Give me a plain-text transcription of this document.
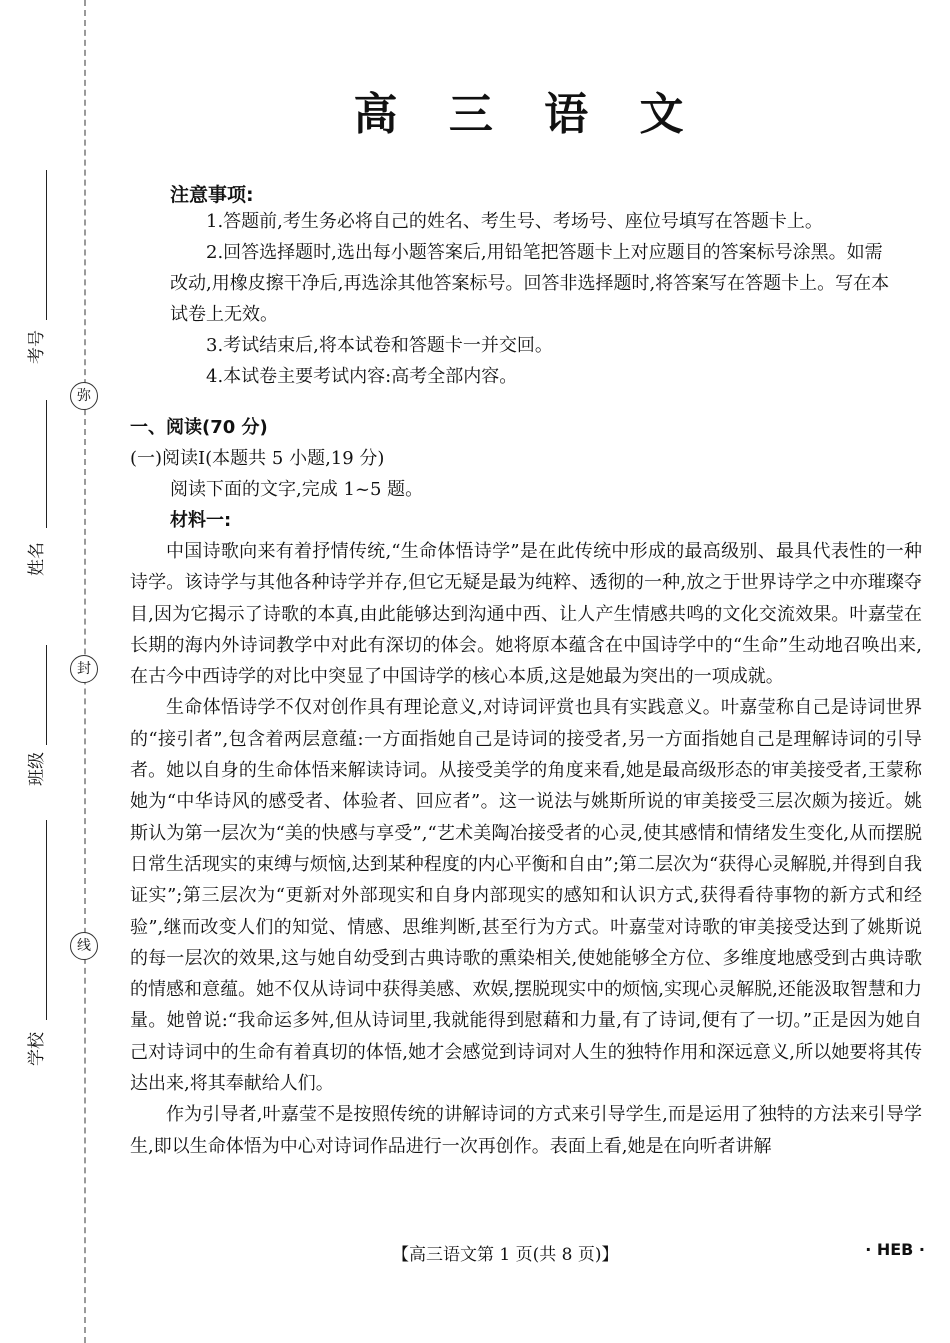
考号
姓名
班级
学校
弥
封
线
高 三 语 文
注意事项:

1.答题前,考生务必将自己的姓名、考生号、考场号、座位号填写在答题卡上。

2.回答选择题时,选出每小题答案后,用铅笔把答题卡上对应题目的答案标号涂黑。如需改动,用橡皮擦干净后,再选涂其他答案标号。回答非选择题时,将答案写在答题卡上。写在本试卷上无效。

3.考试结束后,将本试卷和答题卡一并交回。

4.本试卷主要考试内容:高考全部内容。

一、阅读(70 分)
(一)阅读Ⅰ(本题共 5 小题,19 分)
阅读下面的文字,完成 1~5 题。
材料一:

中国诗歌向来有着抒情传统,“生命体悟诗学”是在此传统中形成的最高级别、最具代表性的一种诗学。该诗学与其他各种诗学并存,但它无疑是最为纯粹、透彻的一种,放之于世界诗学之中亦璀璨夺目,因为它揭示了诗歌的本真,由此能够达到沟通中西、让人产生情感共鸣的文化交流效果。叶嘉莹在长期的海内外诗词教学中对此有深切的体会。她将原本蕴含在中国诗学中的“生命”生动地召唤出来,在古今中西诗学的对比中突显了中国诗学的核心本质,这是她最为突出的一项成就。

生命体悟诗学不仅对创作具有理论意义,对诗词评赏也具有实践意义。叶嘉莹称自己是诗词世界的“接引者”,包含着两层意蕴:一方面指她自己是诗词的接受者,另一方面指她自己是理解诗词的引导者。她以自身的生命体悟来解读诗词。从接受美学的角度来看,她是最高级形态的审美接受者,王蒙称她为“中华诗风的感受者、体验者、回应者”。这一说法与姚斯所说的审美接受三层次颇为接近。姚斯认为第一层次为“美的快感与享受”,“艺术美陶冶接受者的心灵,使其感情和情绪发生变化,从而摆脱日常生活现实的束缚与烦恼,达到某种程度的内心平衡和自由”;第二层次为“获得心灵解脱,并得到自我证实”;第三层次为“更新对外部现实和自身内部现实的感知和认识方式,获得看待事物的新方式和经验”,继而改变人们的知觉、情感、思维判断,甚至行为方式。叶嘉莹对诗歌的审美接受达到了姚斯说的每一层次的效果,这与她自幼受到古典诗歌的熏染相关,使她能够全方位、多维度地感受到古典诗歌的情感和意蕴。她不仅从诗词中获得美感、欢娱,摆脱现实中的烦恼,实现心灵解脱,还能汲取智慧和力量。她曾说:“我命运多舛,但从诗词里,我就能得到慰藉和力量,有了诗词,便有了一切。”正是因为她自己对诗词中的生命有着真切的体悟,她才会感觉到诗词对人生的独特作用和深远意义,所以她要将其传达出来,将其奉献给人们。

作为引导者,叶嘉莹不是按照传统的讲解诗词的方式来引导学生,而是运用了独特的方法来引导学生,即以生命体悟为中心对诗词作品进行一次再创作。表面上看,她是在向听者讲解

【高三语文第 1 页(共 8 页)】	· HEB ·
